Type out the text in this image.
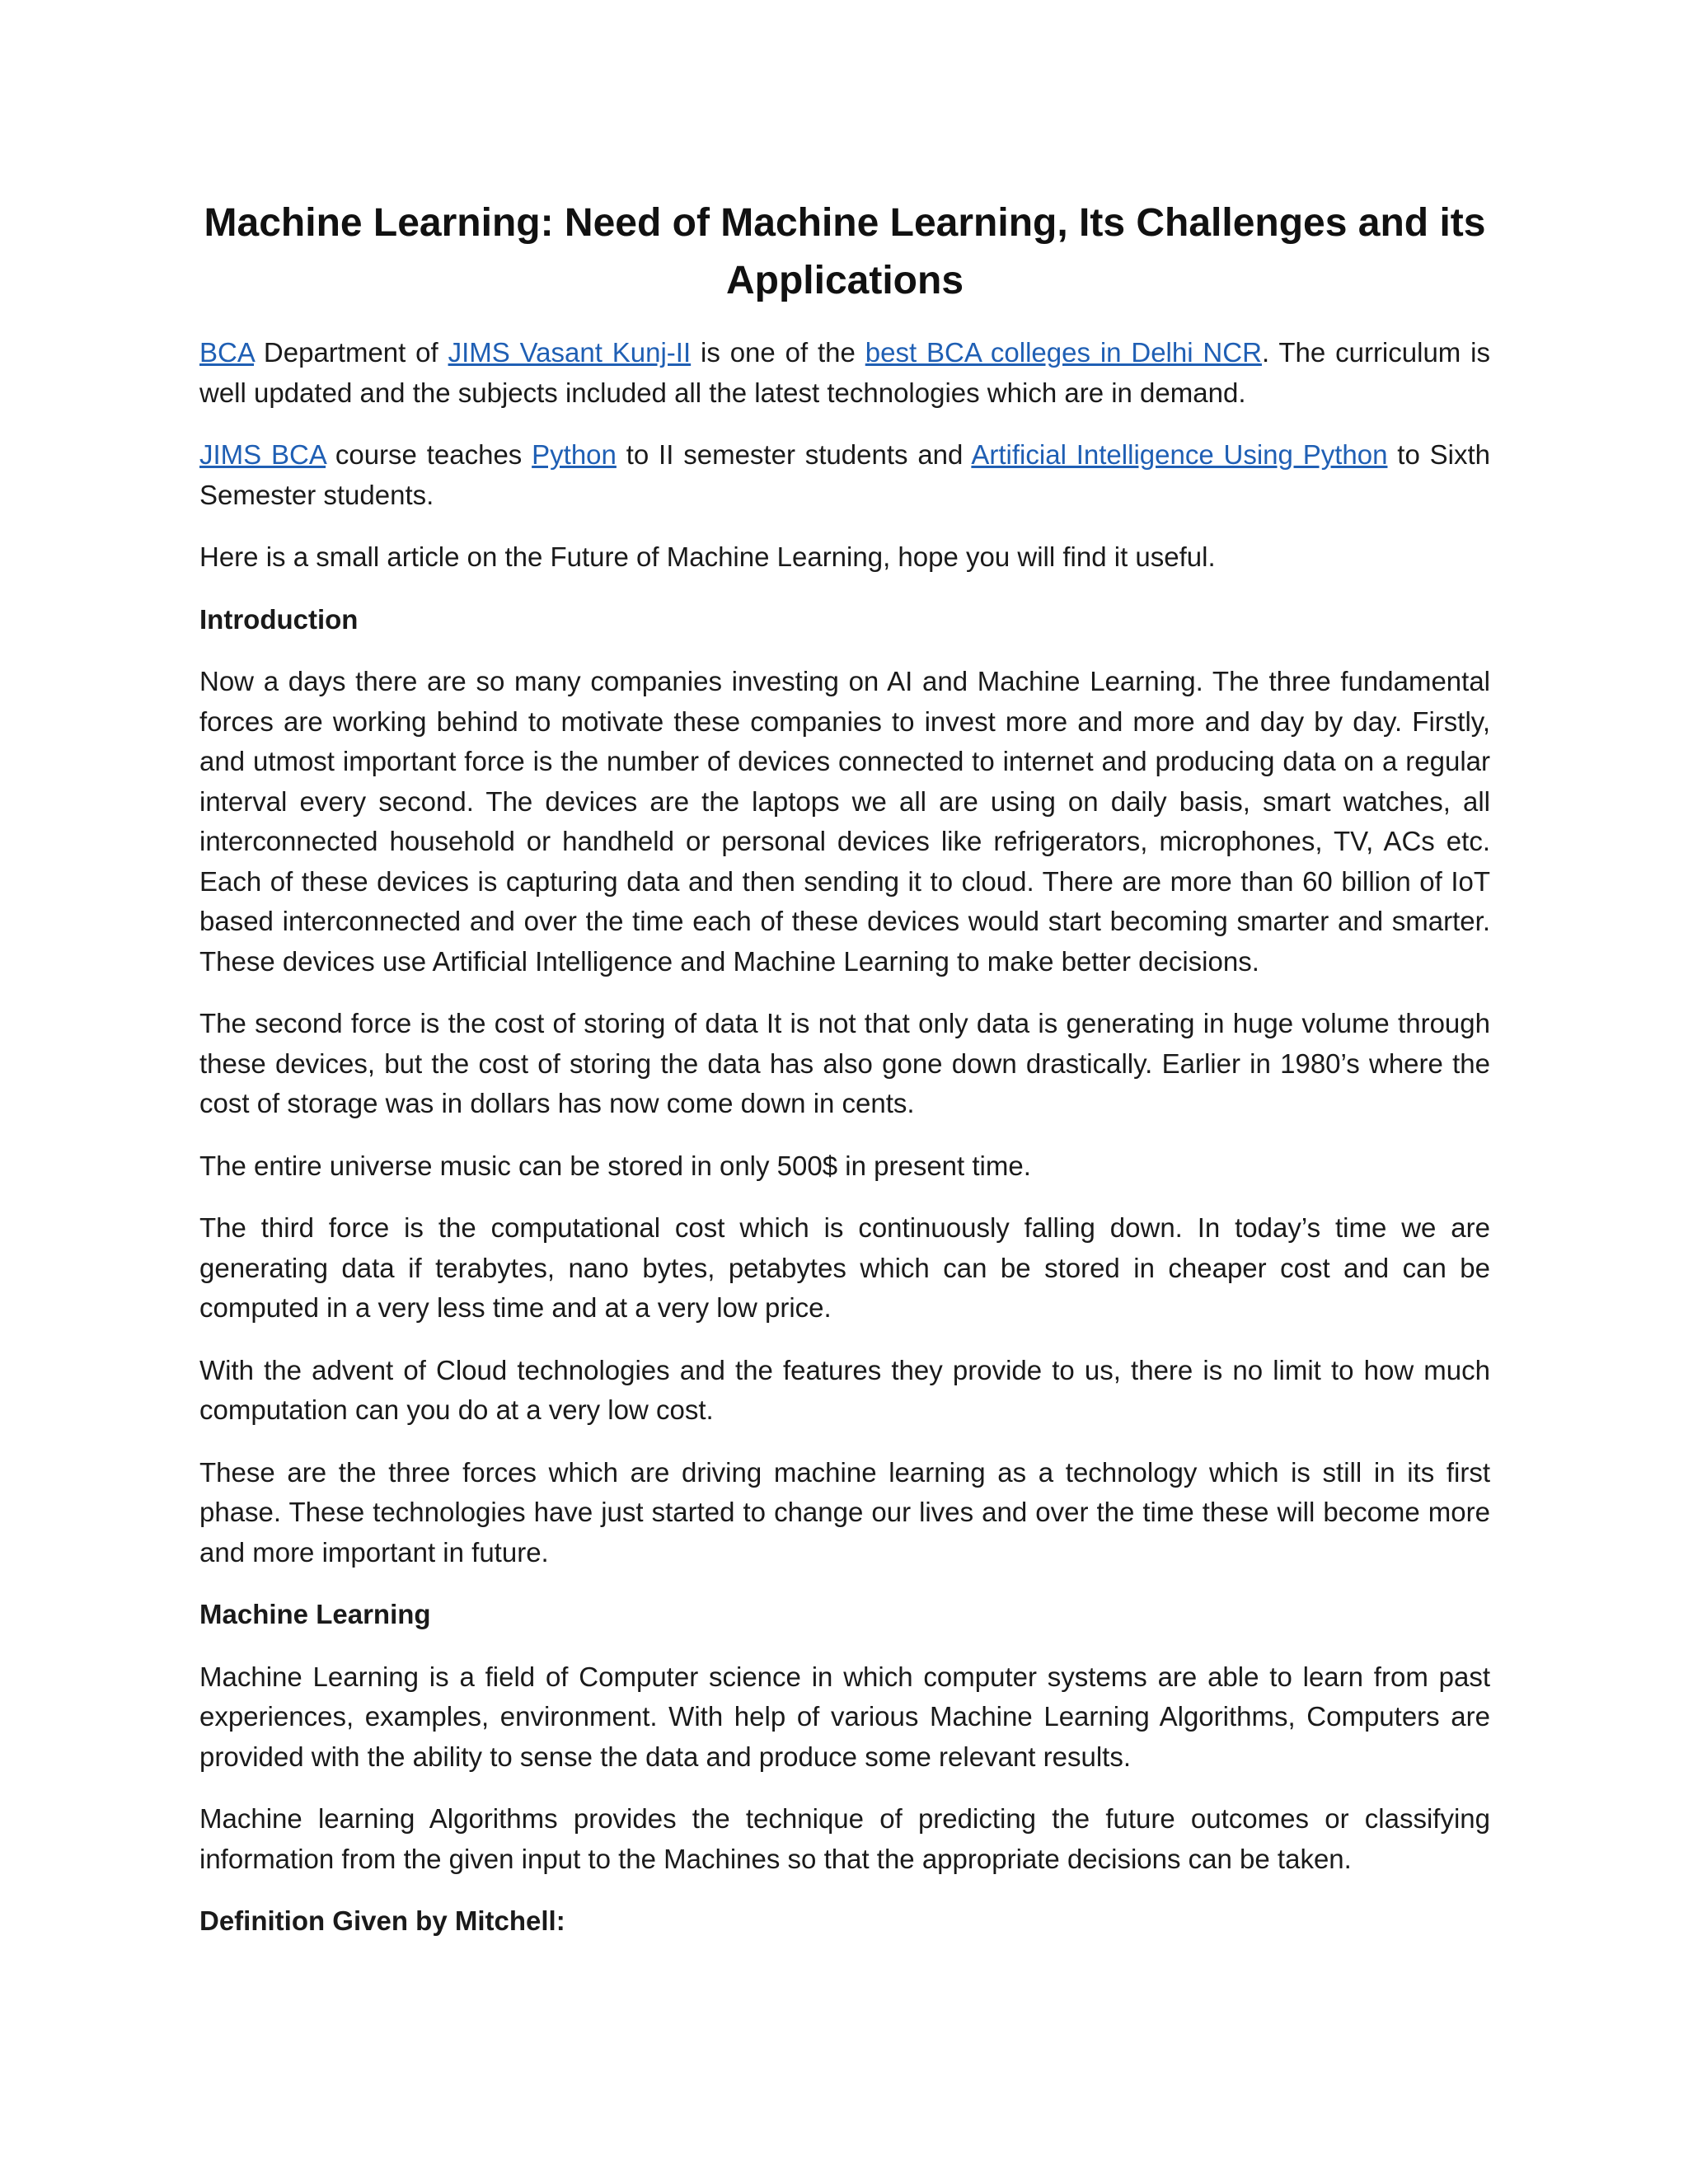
Machine Learning: Need of Machine Learning, Its Challenges and its Applications

BCA Department of JIMS Vasant Kunj-II is one of the best BCA colleges in Delhi NCR. The curriculum is well updated and the subjects included all the latest technologies which are in demand.

JIMS BCA course teaches Python to II semester students and Artificial Intelligence Using Python to Sixth Semester students.

Here is a small article on the Future of Machine Learning, hope you will find it useful.

Introduction

Now a days there are so many companies investing on AI and Machine Learning. The three fundamental forces are working behind to motivate these companies to invest more and more and day by day. Firstly, and utmost important force is the number of devices connected to internet and producing data on a regular interval every second. The devices are the laptops we all are using on daily basis, smart watches, all interconnected household or handheld or personal devices like refrigerators, microphones, TV, ACs etc. Each of these devices is capturing data and then sending it to cloud. There are more than 60 billion of IoT based interconnected and over the time each of these devices would start becoming smarter and smarter. These devices use Artificial Intelligence and Machine Learning to make better decisions.

The second force is the cost of storing of data It is not that only data is generating in huge volume through these devices, but the cost of storing the data has also gone down drastically. Earlier in 1980’s where the cost of storage was in dollars has now come down in cents.

The entire universe music can be stored in only 500$ in present time.

The third force is the computational cost which is continuously falling down. In today’s time we are generating data if terabytes, nano bytes, petabytes which can be stored in cheaper cost and can be computed in a very less time and at a very low price.

With the advent of Cloud technologies and the features they provide to us, there is no limit to how much computation can you do at a very low cost.

These are the three forces which are driving machine learning as a technology which is still in its first phase. These technologies have just started to change our lives and over the time these will become more and more important in future.

Machine Learning

Machine Learning is a field of Computer science in which computer systems are able to learn from past experiences, examples, environment. With help of various Machine Learning Algorithms, Computers are provided with the ability to sense the data and produce some relevant results.

Machine learning Algorithms provides the technique of predicting the future outcomes or classifying information from the given input to the Machines so that the appropriate decisions can be taken.

Definition Given by Mitchell:
